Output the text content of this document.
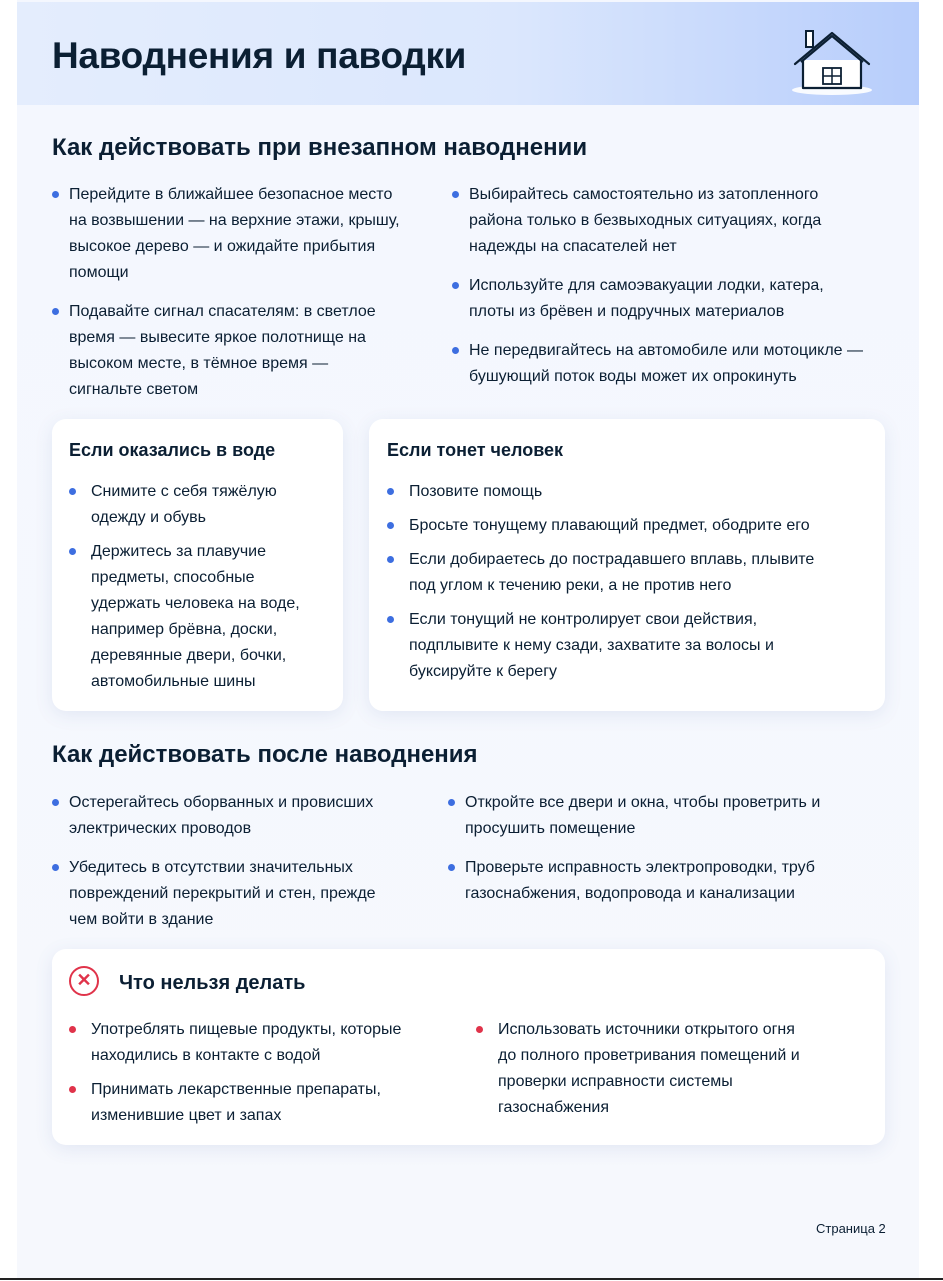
Наводнения и паводки
Как действовать при внезапном наводнении
Перейдите в ближайшее безопасное место на возвышении — на верхние этажи, крышу, высокое дерево — и ожидайте прибытия помощи
Подавайте сигнал спасателям: в светлое время — вывесите яркое полотнище на высоком месте, в тёмное время — сигнальте светом
Выбирайтесь самостоятельно из затопленного района только в безвыходных ситуациях, когда надежды на спасателей нет
Используйте для самоэвакуации лодки, катера, плоты из брёвен и подручных материалов
Не передвигайтесь на автомобиле или мотоцикле — бушующий поток воды может их опрокинуть
Если оказались в воде
Снимите с себя тяжёлую одежду и обувь
Держитесь за плавучие предметы, способные удержать человека на воде, например брёвна, доски, деревянные двери, бочки, автомобильные шины
Если тонет человек
Позовите помощь
Бросьте тонущему плавающий предмет, ободрите его
Если добираетесь до пострадавшего вплавь, плывите под углом к течению реки, а не против него
Если тонущий не контролирует свои действия, подплывите к нему сзади, захватите за волосы и буксируйте к берегу
Как действовать после наводнения
Остерегайтесь оборванных и провисших электрических проводов
Убедитесь в отсутствии значительных повреждений перекрытий и стен, прежде чем войти в здание
Откройте все двери и окна, чтобы проветрить и просушить помещение
Проверьте исправность электропроводки, труб газоснабжения, водопровода и канализации
✕	Что нельзя делать
Употреблять пищевые продукты, которые находились в контакте с водой
Принимать лекарственные препараты, изменившие цвет и запах
Использовать источники открытого огня до полного проветривания помещений и проверки исправности системы газоснабжения
Страница 2
